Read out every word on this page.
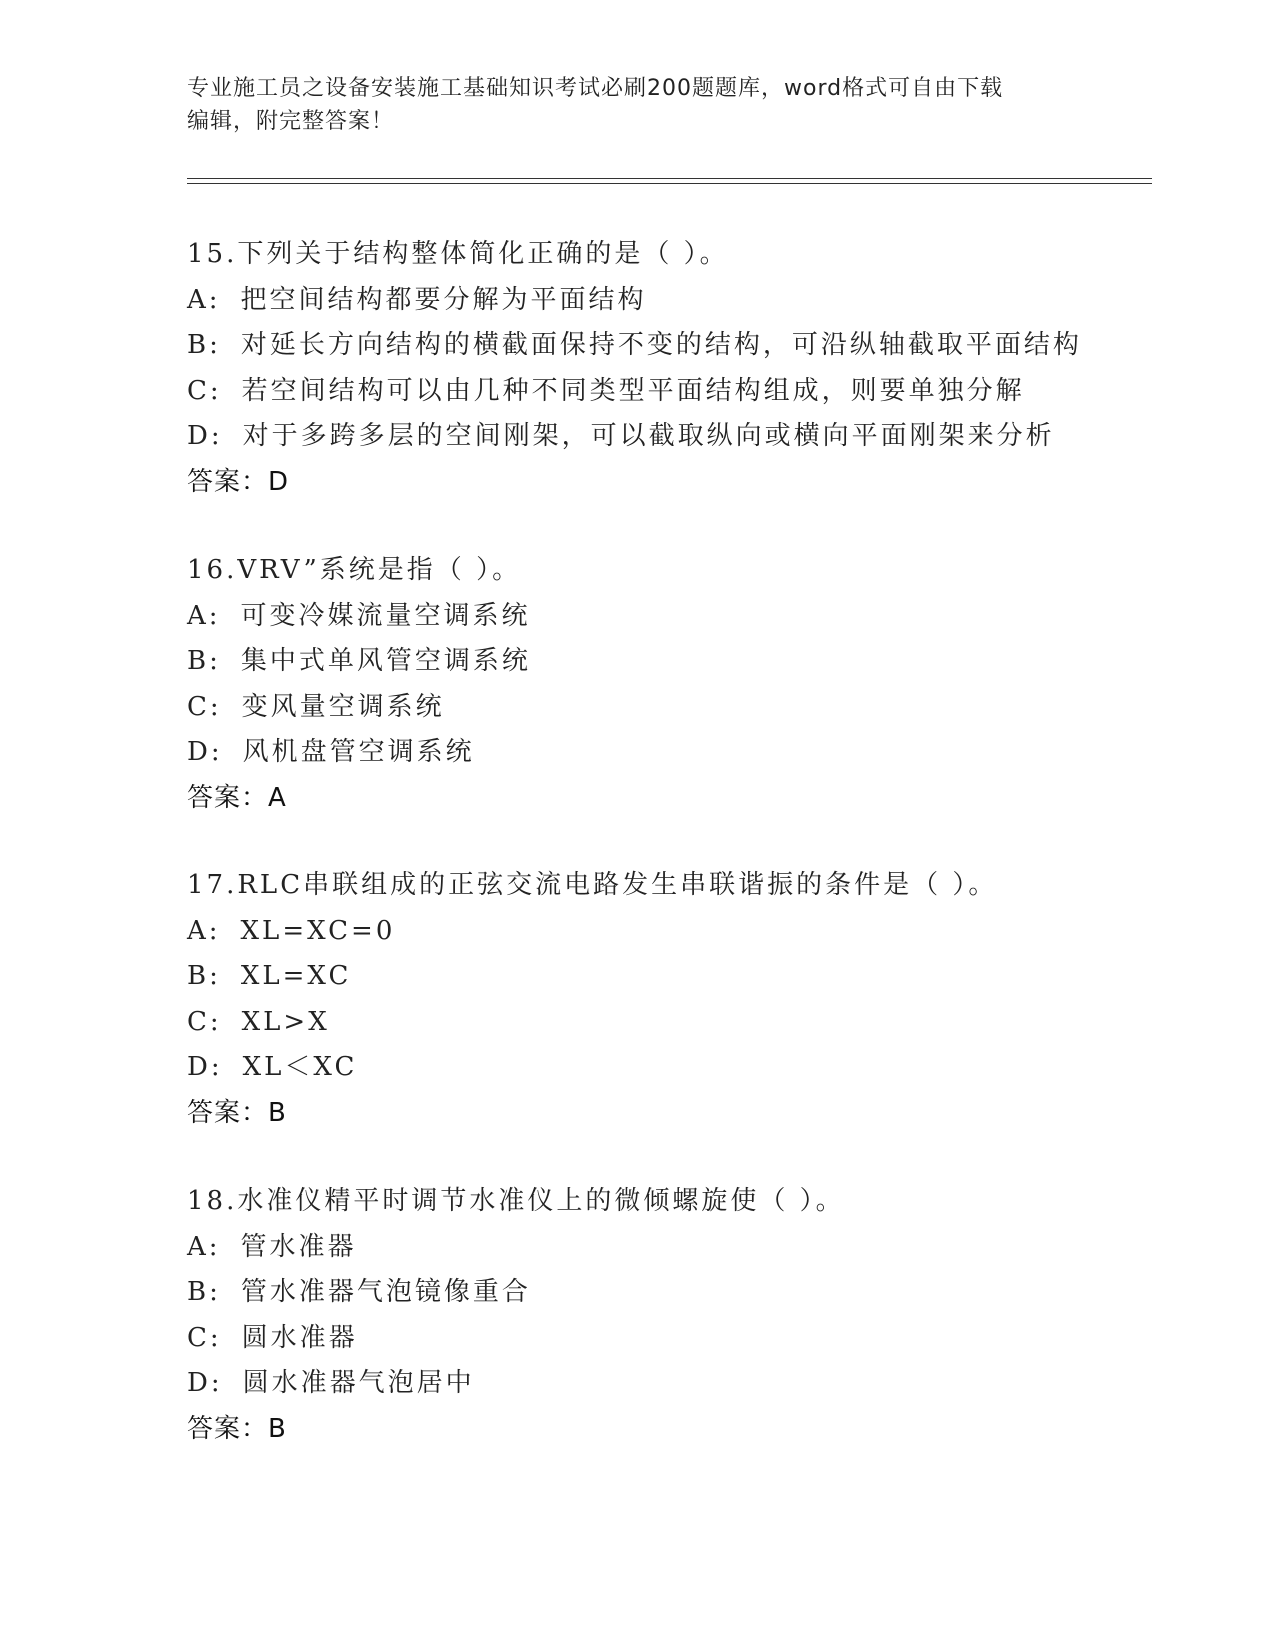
专业施工员之设备安装施工基础知识考试必刷200题题库，word格式可自由下载
编辑，附完整答案！
15.下列关于结构整体简化正确的是（ ）。
A: 把空间结构都要分解为平面结构
B: 对延长方向结构的横截面保持不变的结构，可沿纵轴截取平面结构
C: 若空间结构可以由几种不同类型平面结构组成，则要单独分解
D: 对于多跨多层的空间刚架，可以截取纵向或横向平面刚架来分析
答案：D
16.VRV”系统是指（ ）。
A: 可变冷媒流量空调系统
B: 集中式单风管空调系统
C: 变风量空调系统
D: 风机盘管空调系统
答案：A
17.RLC串联组成的正弦交流电路发生串联谐振的条件是（ ）。
A: XL=XC=0
B: XL=XC
C: XL>X
D: XL＜XC
答案：B
18.水准仪精平时调节水准仪上的微倾螺旋使（ ）。
A: 管水准器
B: 管水准器气泡镜像重合
C: 圆水准器
D: 圆水准器气泡居中
答案：B
